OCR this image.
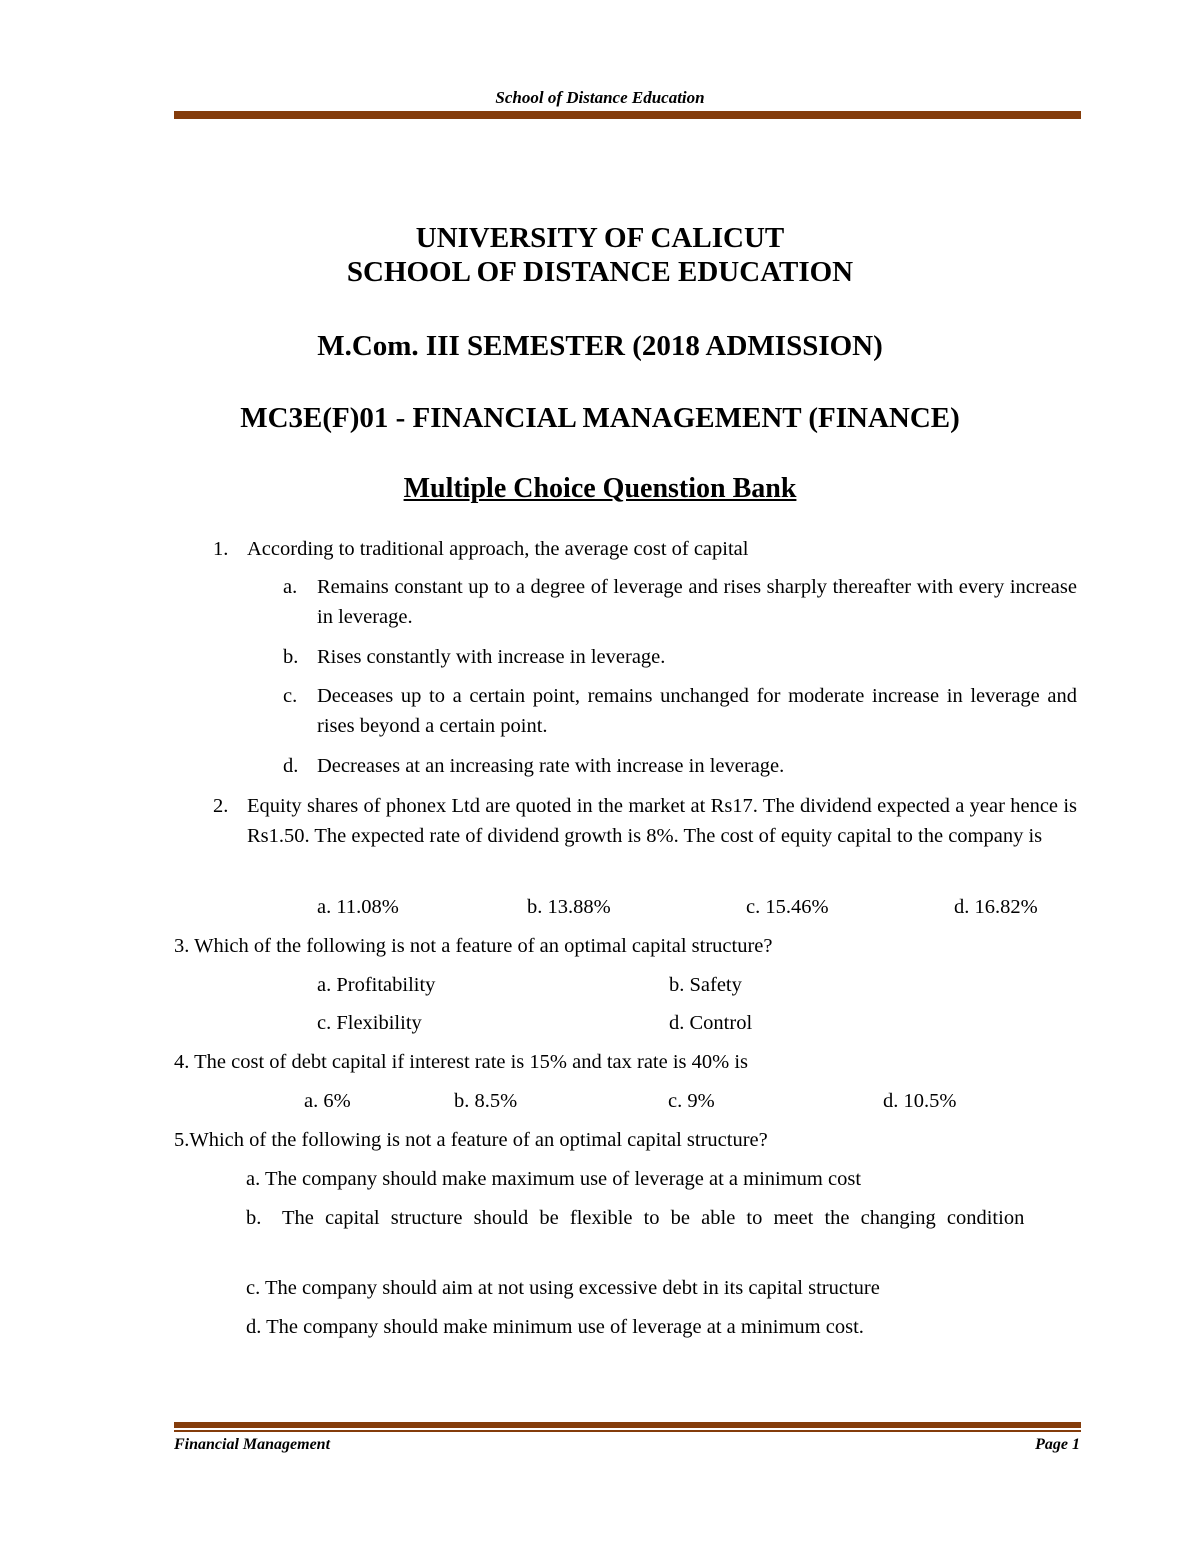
School of Distance Education
UNIVERSITY OF CALICUT
SCHOOL OF DISTANCE EDUCATION
M.Com. III SEMESTER (2018 ADMISSION)
MC3E(F)01 - FINANCIAL MANAGEMENT (FINANCE)
Multiple Choice Quenstion Bank
1. According to traditional approach, the average cost of capital
a. Remains constant up to a degree of leverage and rises sharply thereafter with every increase in leverage.
b. Rises constantly with increase in leverage.
c. Deceases up to a certain point, remains unchanged for moderate increase in leverage and rises beyond a certain point.
d. Decreases at an increasing rate with increase in leverage.
2. Equity shares of phonex Ltd are quoted in the market at Rs17. The dividend expected a year hence is Rs1.50. The expected rate of dividend growth is 8%. The cost of equity capital to the company is
a. 11.08%	b. 13.88%	c. 15.46%	d. 16.82%
3. Which of the following is not a feature of an optimal capital structure?
a. Profitability	b. Safety
c. Flexibility	d. Control
4. The cost of debt capital if interest rate is 15% and tax rate is 40% is
a. 6%	b. 8.5%	c. 9%	d. 10.5%
5.Which of the following is not a feature of an optimal capital structure?
a. The company should make maximum use of leverage at a minimum cost
b. The capital structure should be flexible to be able to meet the changing condition
c. The company should aim at not using excessive debt in its capital structure
d. The company should make minimum use of leverage at a minimum cost.
Financial Management	Page 1
